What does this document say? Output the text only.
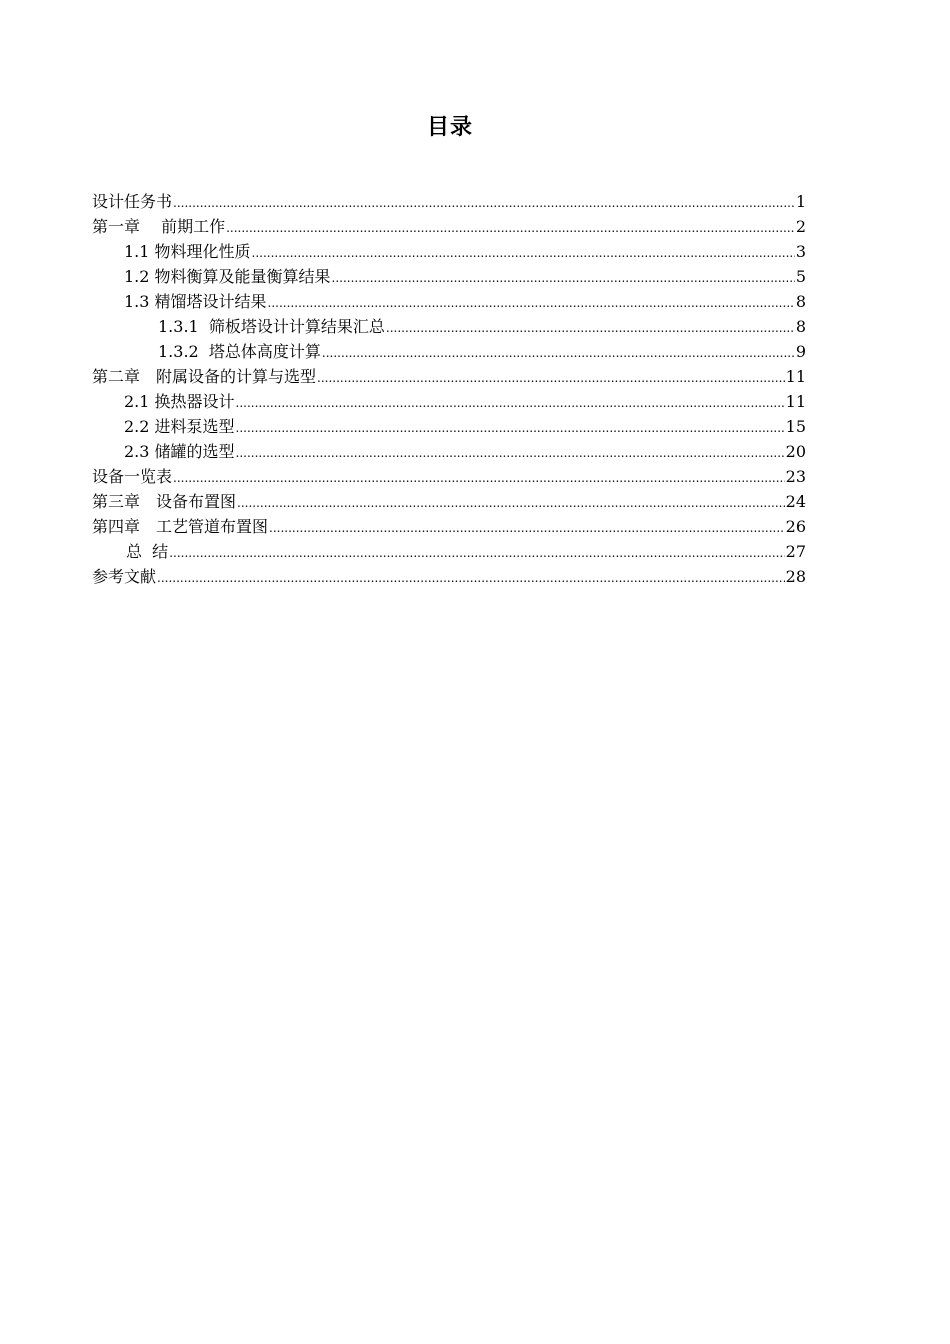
目录
设计任务书 .....	1
第一章　 前期工作 .....	2
1.1 物料理化性质 .....	3
1.2 物料衡算及能量衡算结果 .....	5
1.3 精馏塔设计结果 .....	8
1.3.1  筛板塔设计计算结果汇总 .....	8
1.3.2  塔总体高度计算 .....	9
第二章　附属设备的计算与选型 .....	11
2.1 换热器设计 .....	11
2.2 进料泵选型 .....	15
2.3 储罐的选型 .....	20
设备一览表 .....	23
第三章　设备布置图 .....	24
第四章　工艺管道布置图 .....	26
总  结 .....	27
参考文献 .....	28
